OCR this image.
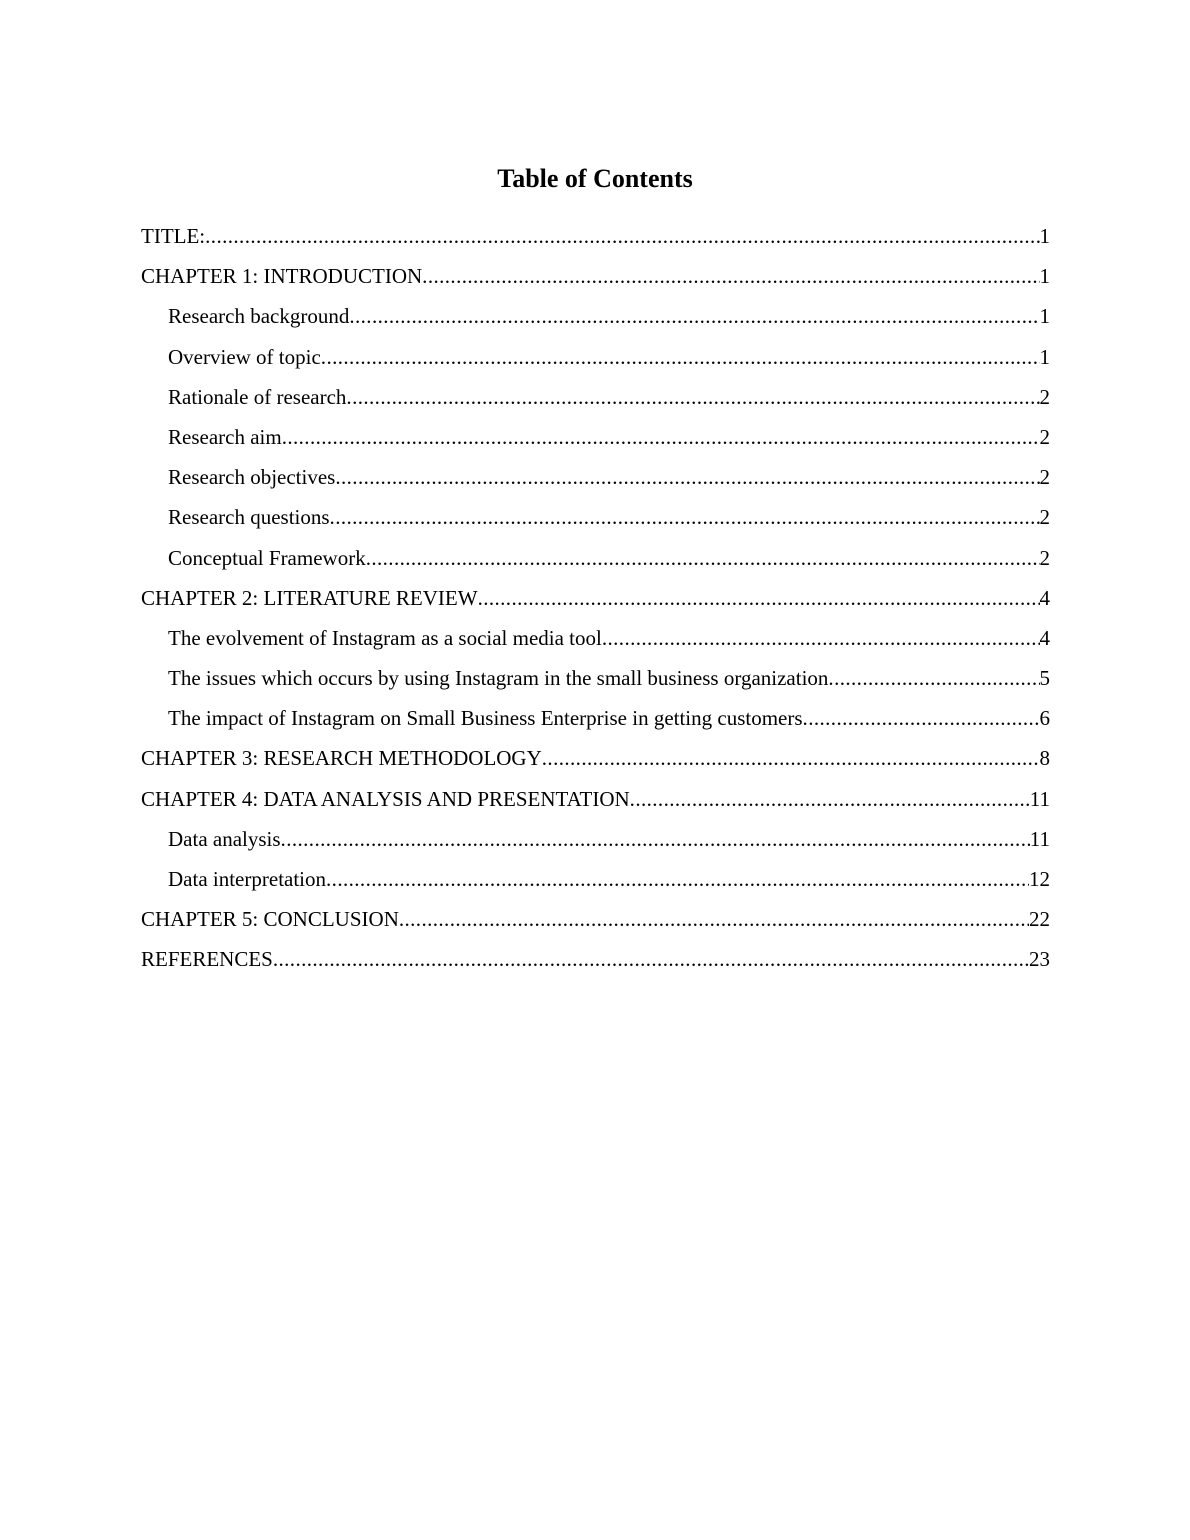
Table of Contents
TITLE: .....	1
CHAPTER 1: INTRODUCTION .....	1
Research background .....	1
Overview of topic .....	1
Rationale of research .....	2
Research aim .....	2
Research objectives .....	2
Research questions .....	2
Conceptual Framework .....	2
CHAPTER 2: LITERATURE REVIEW .....	4
The evolvement of Instagram as a social media tool .....	4
The issues which occurs by using Instagram in the small business organization .....	5
The impact of Instagram on Small Business Enterprise in getting customers .....	6
CHAPTER 3: RESEARCH METHODOLOGY .....	8
CHAPTER 4: DATA ANALYSIS AND PRESENTATION .....	11
Data analysis .....	11
Data interpretation .....	12
CHAPTER 5: CONCLUSION .....	22
REFERENCES .....	23
